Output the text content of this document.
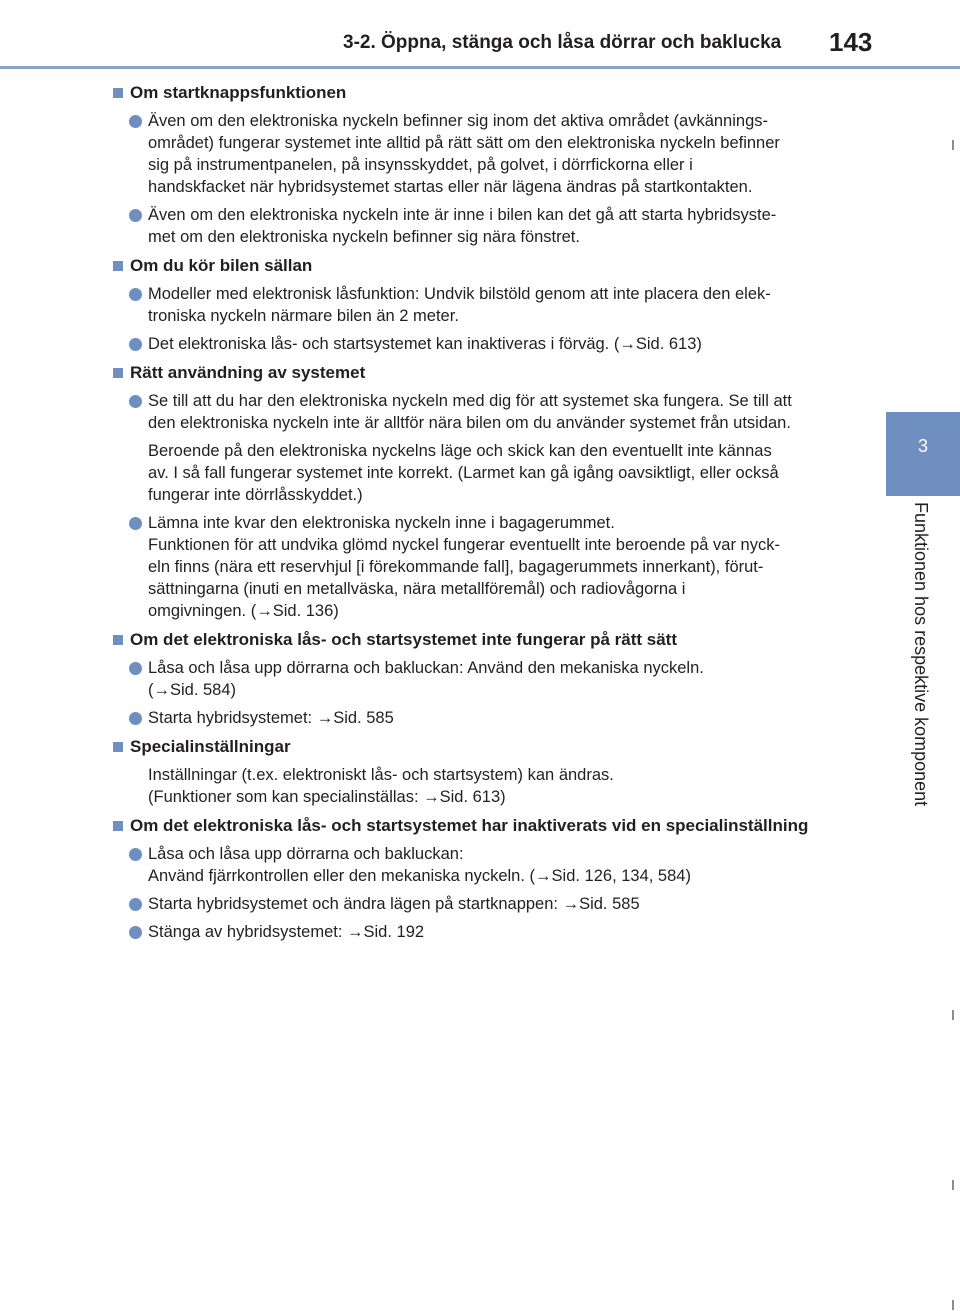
3-2. Öppna, stänga och låsa dörrar och baklucka 143
3
Funktionen hos respektive komponent
Om startknappsfunktionen
Även om den elektroniska nyckeln befinner sig inom det aktiva området (avkännings-
området) fungerar systemet inte alltid på rätt sätt om den elektroniska nyckeln befinner
sig på instrumentpanelen, på insynsskyddet, på golvet, i dörrfickorna eller i
handskfacket när hybridsystemet startas eller när lägena ändras på startkontakten.
Även om den elektroniska nyckeln inte är inne i bilen kan det gå att starta hybridsyste-
met om den elektroniska nyckeln befinner sig nära fönstret.
Om du kör bilen sällan
Modeller med elektronisk låsfunktion: Undvik bilstöld genom att inte placera den elek-
troniska nyckeln närmare bilen än 2 meter.
Det elektroniska lås- och startsystemet kan inaktiveras i förväg. (→Sid. 613)
Rätt användning av systemet
Se till att du har den elektroniska nyckeln med dig för att systemet ska fungera. Se till att
den elektroniska nyckeln inte är alltför nära bilen om du använder systemet från utsidan.
Beroende på den elektroniska nyckelns läge och skick kan den eventuellt inte kännas
av. I så fall fungerar systemet inte korrekt. (Larmet kan gå igång oavsiktligt, eller också
fungerar inte dörrlåsskyddet.)
Lämna inte kvar den elektroniska nyckeln inne i bagagerummet.
Funktionen för att undvika glömd nyckel fungerar eventuellt inte beroende på var nyck-
eln finns (nära ett reservhjul [i förekommande fall], bagagerummets innerkant), förut-
sättningarna (inuti en metallväska, nära metallföremål) och radiovågorna i
omgivningen. (→Sid. 136)
Om det elektroniska lås- och startsystemet inte fungerar på rätt sätt
Låsa och låsa upp dörrarna och bakluckan: Använd den mekaniska nyckeln.
(→Sid. 584)
Starta hybridsystemet: →Sid. 585
Specialinställningar
Inställningar (t.ex. elektroniskt lås- och startsystem) kan ändras.
(Funktioner som kan specialinställas: →Sid. 613)
Om det elektroniska lås- och startsystemet har inaktiverats vid en specialinställning
Låsa och låsa upp dörrarna och bakluckan:
Använd fjärrkontrollen eller den mekaniska nyckeln. (→Sid. 126, 134, 584)
Starta hybridsystemet och ändra lägen på startknappen: →Sid. 585
Stänga av hybridsystemet: →Sid. 192
